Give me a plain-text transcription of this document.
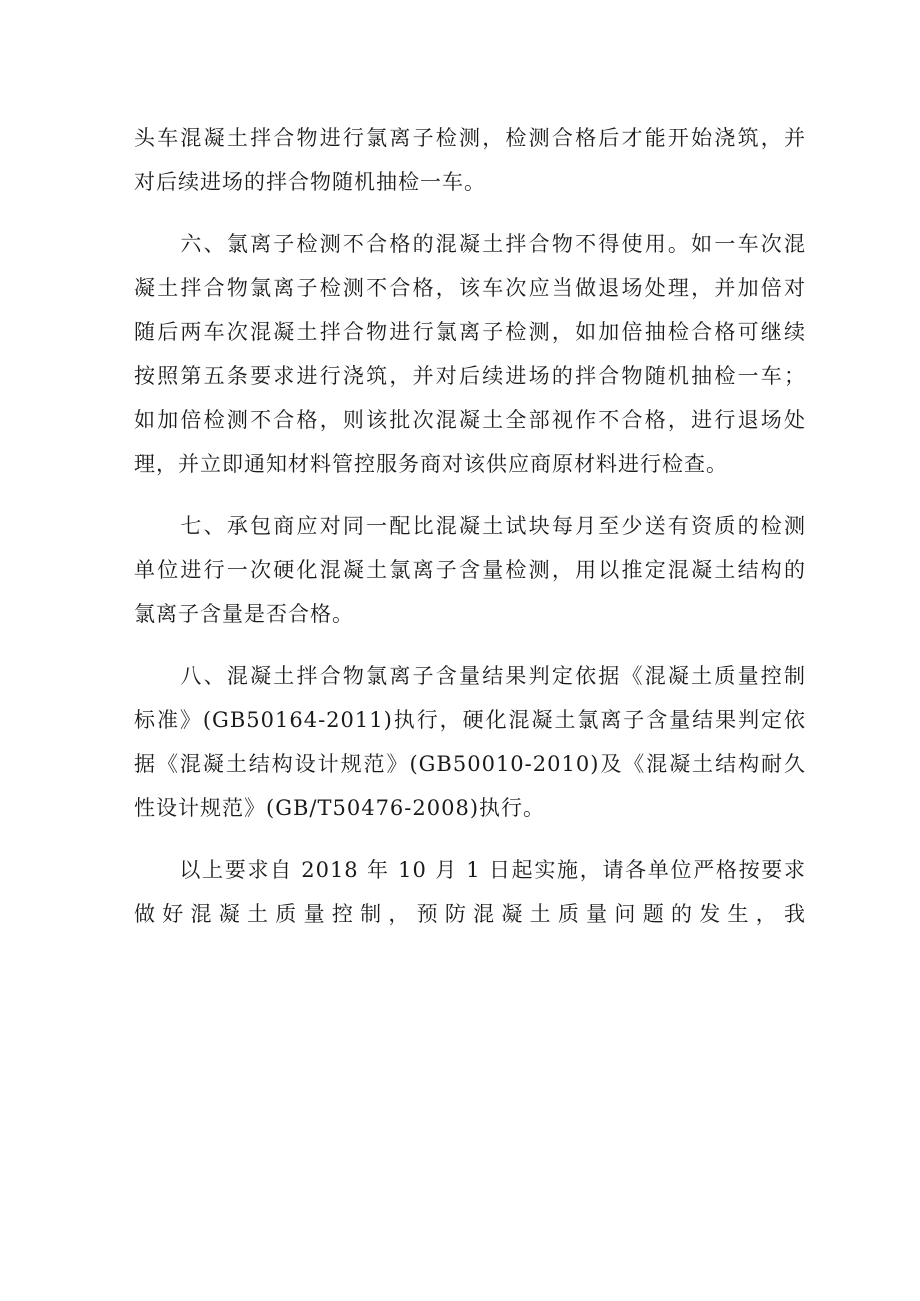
头车混凝土拌合物进行氯离子检测，检测合格后才能开始浇筑，并
对后续进场的拌合物随机抽检一车。

　　六、氯离子检测不合格的混凝土拌合物不得使用。如一车次混
凝土拌合物氯离子检测不合格，该车次应当做退场处理，并加倍对
随后两车次混凝土拌合物进行氯离子检测，如加倍抽检合格可继续
按照第五条要求进行浇筑，并对后续进场的拌合物随机抽检一车；
如加倍检测不合格，则该批次混凝土全部视作不合格，进行退场处
理，并立即通知材料管控服务商对该供应商原材料进行检查。

　　七、承包商应对同一配比混凝土试块每月至少送有资质的检测
单位进行一次硬化混凝土氯离子含量检测，用以推定混凝土结构的
氯离子含量是否合格。

　　八、混凝土拌合物氯离子含量结果判定依据《混凝土质量控制
标准》(GB50164-2011)执行，硬化混凝土氯离子含量结果判定依
据《混凝土结构设计规范》(GB50010-2010)及《混凝土结构耐久
性设计规范》(GB/T50476-2008)执行。

　　以上要求自 2018 年 10 月 1 日起实施，请各单位严格按要求
做好混凝土质量控制，预防混凝土质量问题的发生，我
